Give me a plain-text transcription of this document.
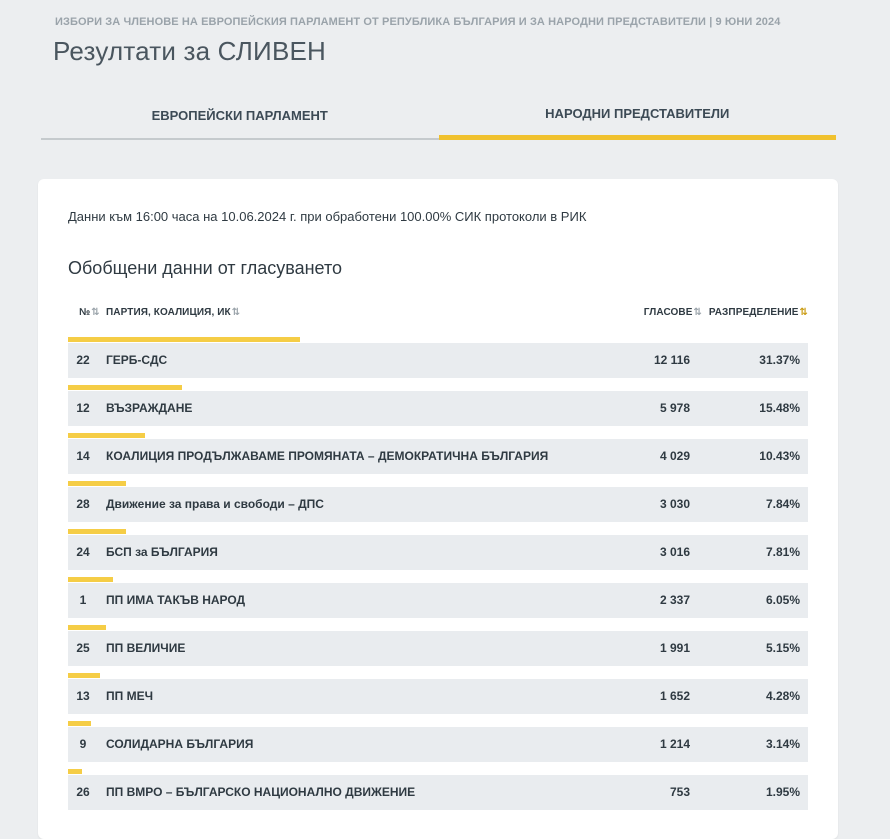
ИЗБОРИ ЗА ЧЛЕНОВЕ НА ЕВРОПЕЙСКИЯ ПАРЛАМЕНТ ОТ РЕПУБЛИКА БЪЛГАРИЯ И ЗА НАРОДНИ ПРЕДСТАВИТЕЛИ | 9 ЮНИ 2024
Резултати за СЛИВЕН
ЕВРОПЕЙСКИ ПАРЛАМЕНТ	НАРОДНИ ПРЕДСТАВИТЕЛИ
Данни към 16:00 часа на 10.06.2024 г. при обработени 100.00% СИК протоколи в РИК
Обобщени данни от гласуването
№⇅ ПАРТИЯ, КОАЛИЦИЯ, ИК⇅	ГЛАСОВЕ⇅ РАЗПРЕДЕЛЕНИЕ⇅
22	ГЕРБ-СДС	12 116	31.37%
12	ВЪЗРАЖДАНЕ	5 978	15.48%
14	КОАЛИЦИЯ ПРОДЪЛЖАВАМЕ ПРОМЯНАТА – ДЕМОКРАТИЧНА БЪЛГАРИЯ	4 029	10.43%
28	Движение за права и свободи – ДПС	3 030	7.84%
24	БСП за БЪЛГАРИЯ	3 016	7.81%
1	ПП ИМА ТАКЪВ НАРОД	2 337	6.05%
25	ПП ВЕЛИЧИЕ	1 991	5.15%
13	ПП МЕЧ	1 652	4.28%
9	СОЛИДАРНА БЪЛГАРИЯ	1 214	3.14%
26	ПП ВМРО – БЪЛГАРСКО НАЦИОНАЛНО ДВИЖЕНИЕ	753	1.95%
